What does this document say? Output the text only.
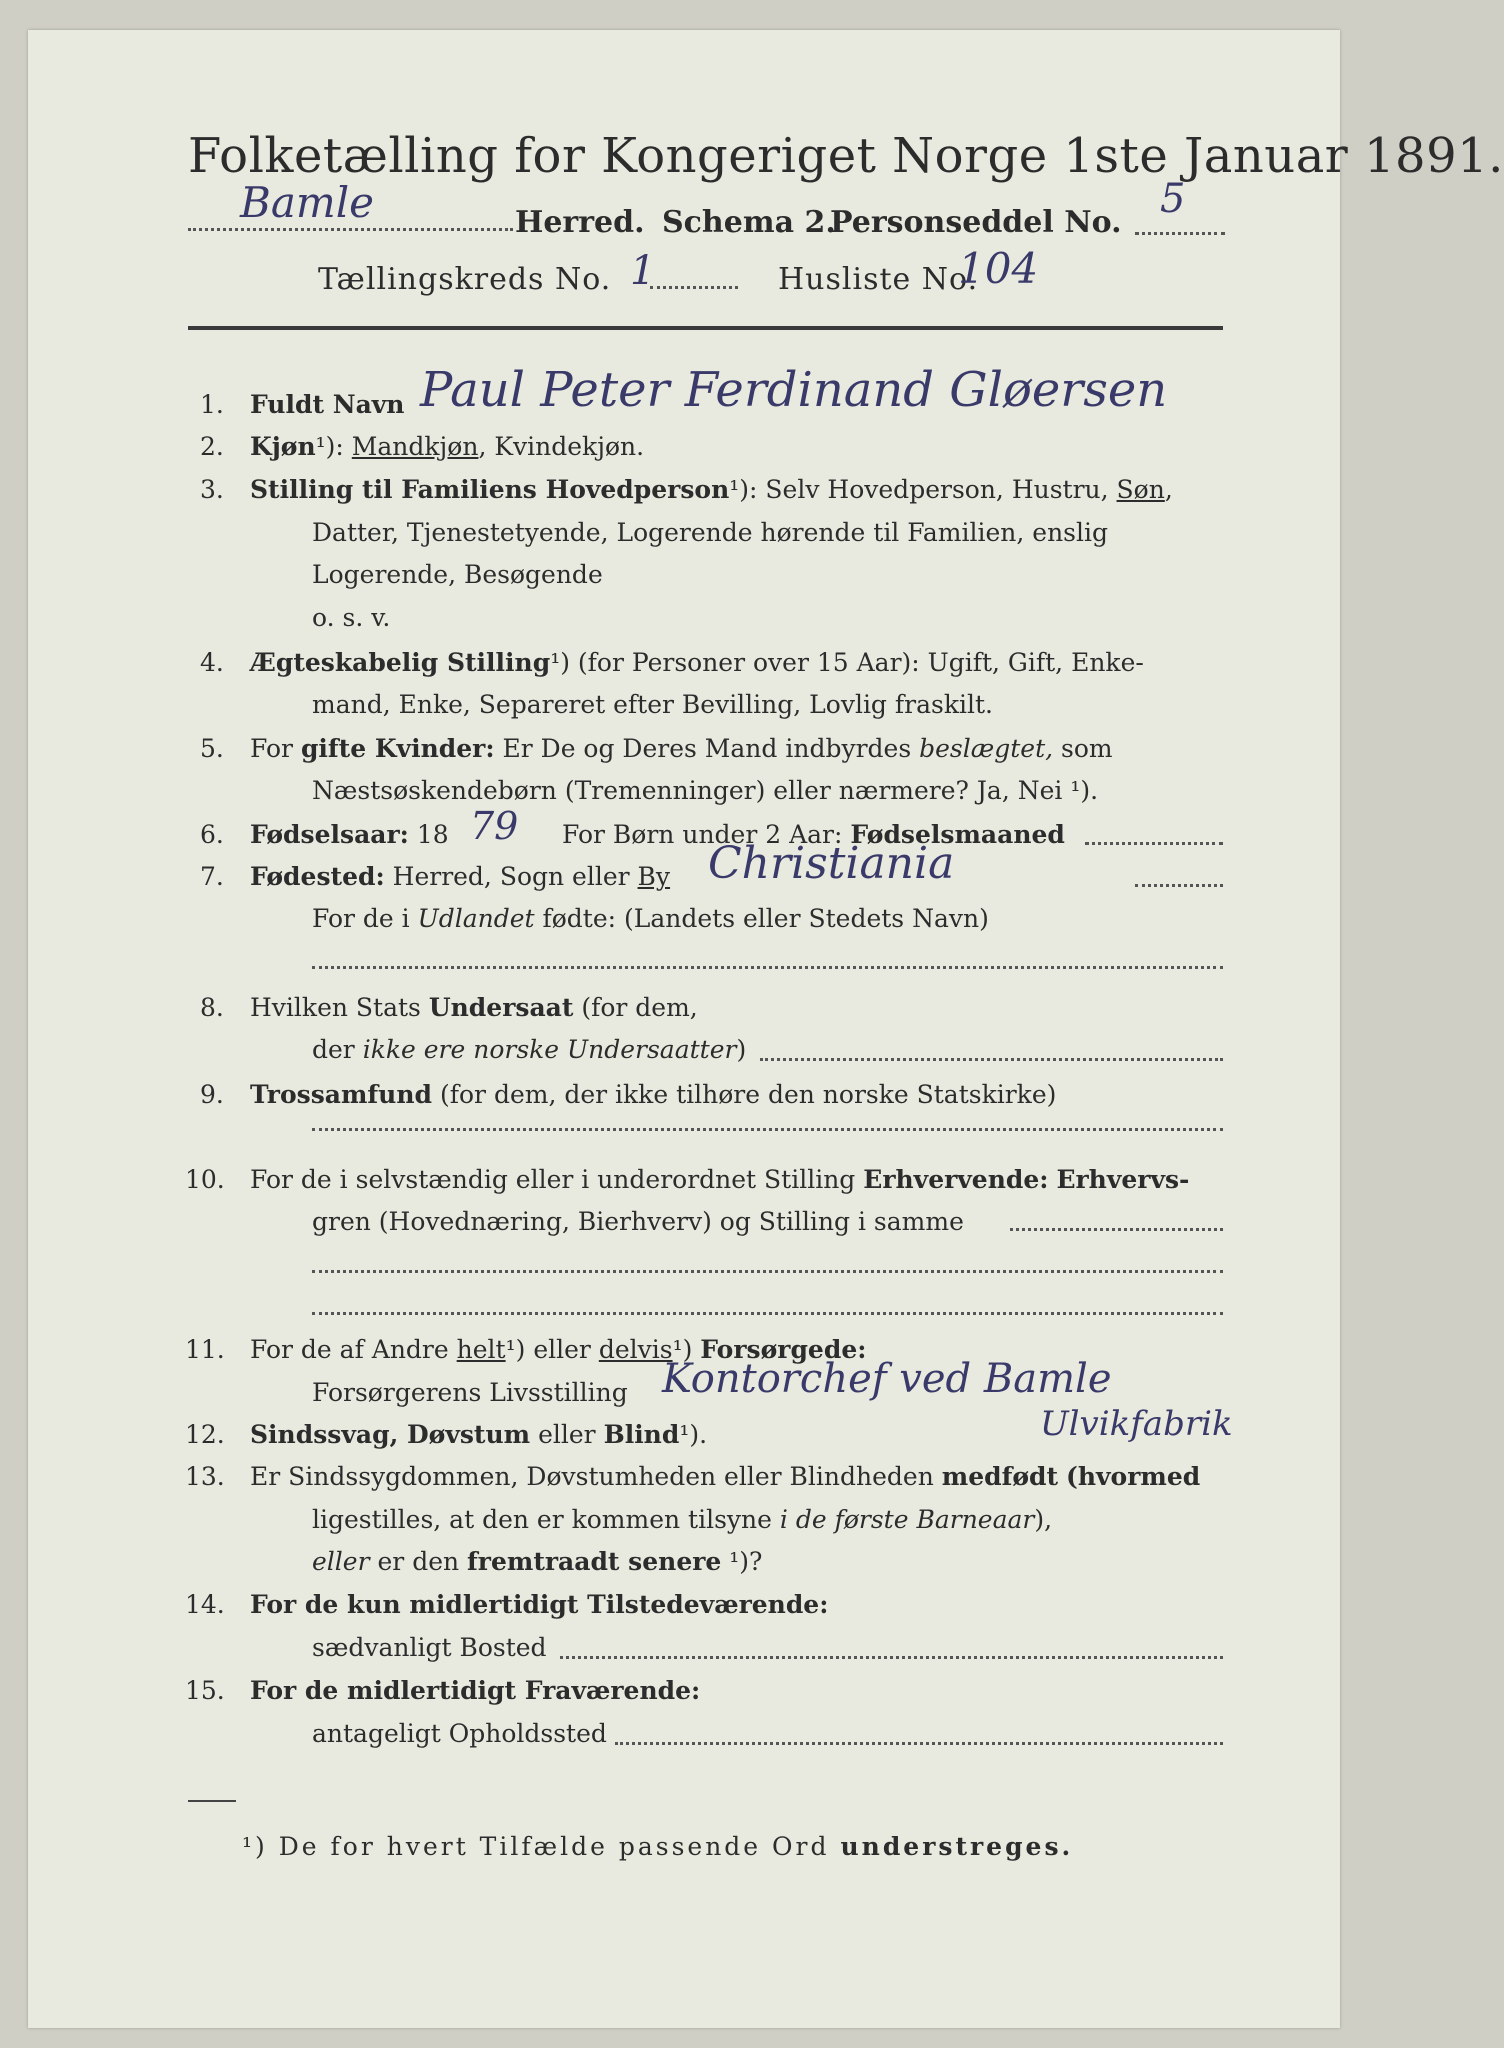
Folketælling for Kongeriget Norge 1ste Januar 1891.
Bamle	Herred. Schema 2.
Personseddel No.
5
Tællingskreds No. 1	Husliste No.
104
1. Fuldt Navn Paul Peter Ferdinand Gløersen
2. Kjøn¹): Mandkjøn, Kvindekjøn.
3. Stilling til Familiens Hovedperson¹): Selv Hovedperson, Hustru, Søn,
Datter, Tjenestetyende, Logerende hørende til Familien, enslig
Logerende, Besøgende
o. s. v.
4. Ægteskabelig Stilling¹) (for Personer over 15 Aar): Ugift, Gift, Enke-
mand, Enke, Separeret efter Bevilling, Lovlig fraskilt.
5. For gifte Kvinder: Er De og Deres Mand indbyrdes beslægtet, som
Næstsøskendebørn (Tremenninger) eller nærmere? Ja, Nei ¹).
6. Fødselsaar: 18 79 For Børn under 2 Aar: Fødselsmaaned
7. Fødested: Herred, Sogn eller By Christiania
For de i Udlandet fødte: (Landets eller Stedets Navn)
8. Hvilken Stats Undersaat (for dem,
der ikke ere norske Undersaatter)
9. Trossamfund (for dem, der ikke tilhøre den norske Statskirke)
10. For de i selvstændig eller i underordnet Stilling Erhvervende: Erhvervs-
gren (Hovednæring, Bierhverv) og Stilling i samme
11. For de af Andre helt¹) eller delvis¹) Forsørgede:
Forsørgerens Livsstilling Kontorchef ved Bamle
Ulvikfabrik
12. Sindssvag, Døvstum eller Blind¹).
13. Er Sindssygdommen, Døvstumheden eller Blindheden medfødt (hvormed
ligestilles, at den er kommen tilsyne i de første Barneaar),
eller er den fremtraadt senere ¹)?
14. For de kun midlertidigt Tilstedeværende:
sædvanligt Bosted
15. For de midlertidigt Fraværende:
antageligt Opholdssted
¹) De for hvert Tilfælde passende Ord understreges.
